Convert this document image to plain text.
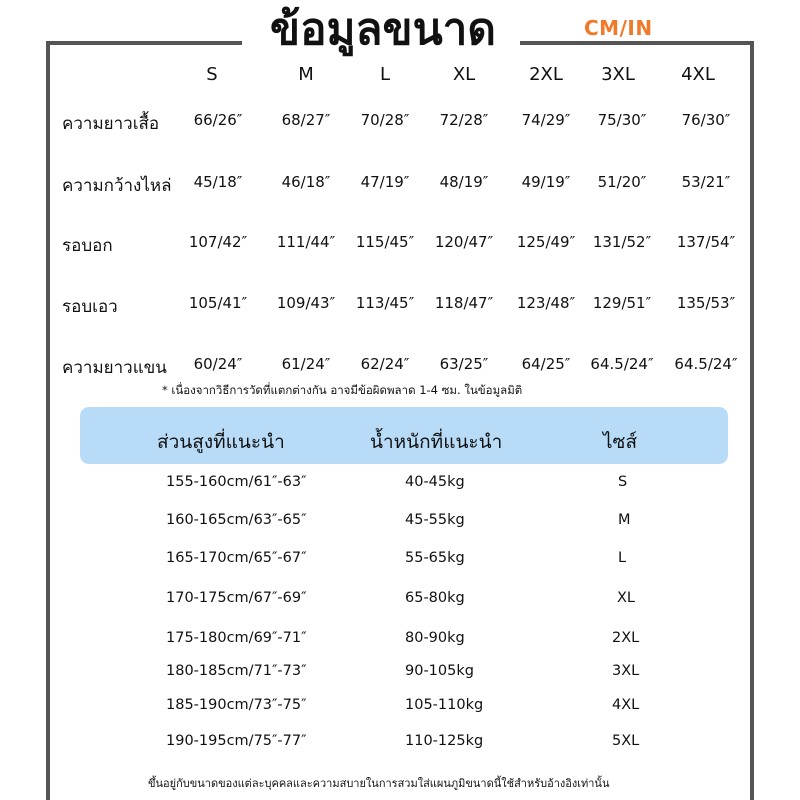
ข้อมูลขนาด	CM/IN
S	M	L	XL	2XL	3XL	4XL
ความยาวเสื้อ	66/26″	68/27″	70/28″	72/28″	74/29″	75/30″	76/30″
ความกว้างไหล่	45/18″	46/18″	47/19″	48/19″	49/19″	51/20″	53/21″
รอบอก	107/42″	111/44″	115/45″	120/47″	125/49″	131/52″	137/54″
รอบเอว	105/41″	109/43″	113/45″	118/47″	123/48″	129/51″	135/53″
ความยาวแขน	60/24″	61/24″	62/24″	63/25″	64/25″	64.5/24″	64.5/24″
* เนื่องจากวิธีการวัดที่แตกต่างกัน อาจมีข้อผิดพลาด 1-4 ซม. ในข้อมูลมิติ
ส่วนสูงที่แนะนำ	น้ำหนักที่แนะนำ	ไซส์
155-160cm/61″-63″	40-45kg	S
160-165cm/63″-65″	45-55kg	M
165-170cm/65″-67″	55-65kg	L
170-175cm/67″-69″	65-80kg	XL
175-180cm/69″-71″	80-90kg	2XL
180-185cm/71″-73″	90-105kg	3XL
185-190cm/73″-75″	105-110kg	4XL
190-195cm/75″-77″	110-125kg	5XL
ขึ้นอยู่กับขนาดของแต่ละบุคคลและความสบายในการสวมใส่แผนภูมิขนาดนี้ใช้สำหรับอ้างอิงเท่านั้น
